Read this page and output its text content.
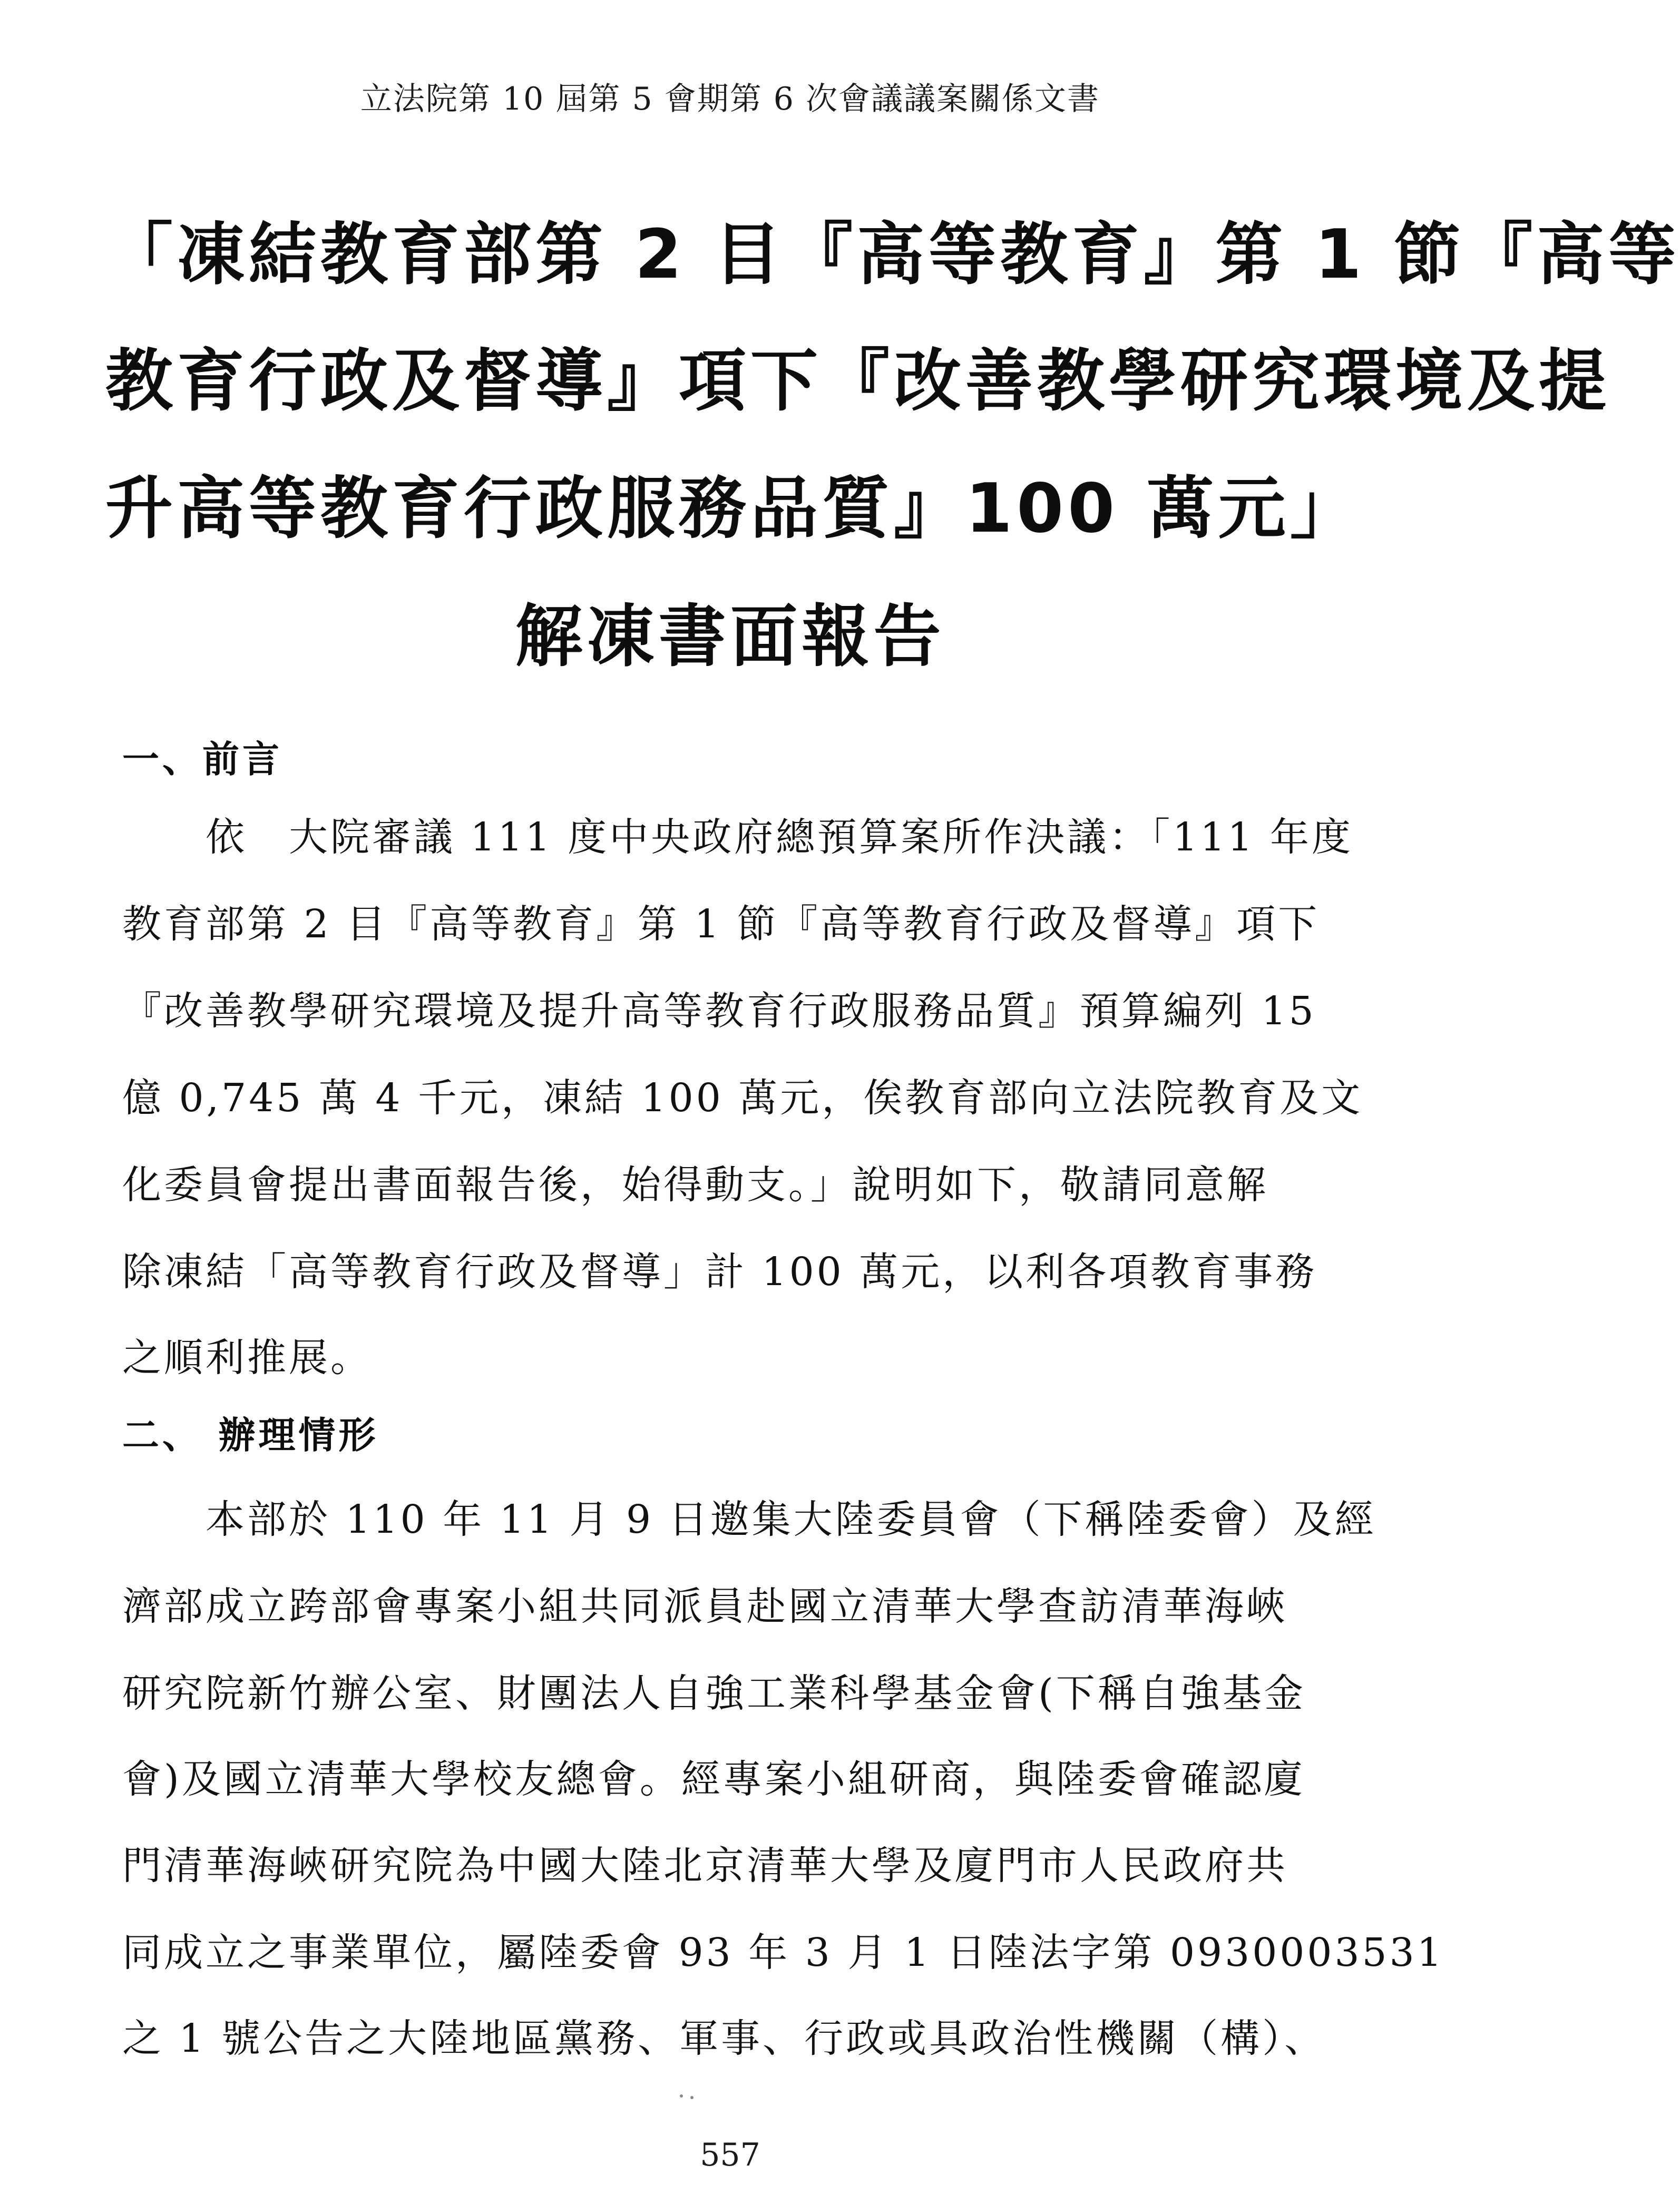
立法院第 10 屆第 5 會期第 6 次會議議案關係文書
「凍結教育部第 2 目『高等教育』第 1 節『高等
教育行政及督導』項下『改善教學研究環境及提
升高等教育行政服務品質』100 萬元」
解凍書面報告
一、前言
依　大院審議 111 度中央政府總預算案所作決議：「111 年度
教育部第 2 目『高等教育』第 1 節『高等教育行政及督導』項下
『改善教學研究環境及提升高等教育行政服務品質』預算編列 15
億 0,745 萬 4 千元，凍結 100 萬元，俟教育部向立法院教育及文
化委員會提出書面報告後，始得動支。」說明如下，敬請同意解
除凍結「高等教育行政及督導」計 100 萬元，以利各項教育事務
之順利推展。
二、 辦理情形
本部於 110 年 11 月 9 日邀集大陸委員會（下稱陸委會）及經
濟部成立跨部會專案小組共同派員赴國立清華大學查訪清華海峽
研究院新竹辦公室、財團法人自強工業科學基金會(下稱自強基金
會)及國立清華大學校友總會。經專案小組研商，與陸委會確認廈
門清華海峽研究院為中國大陸北京清華大學及廈門市人民政府共
同成立之事業單位，屬陸委會 93 年 3 月 1 日陸法字第 0930003531
之 1 號公告之大陸地區黨務、軍事、行政或具政治性機關（構）、
557
